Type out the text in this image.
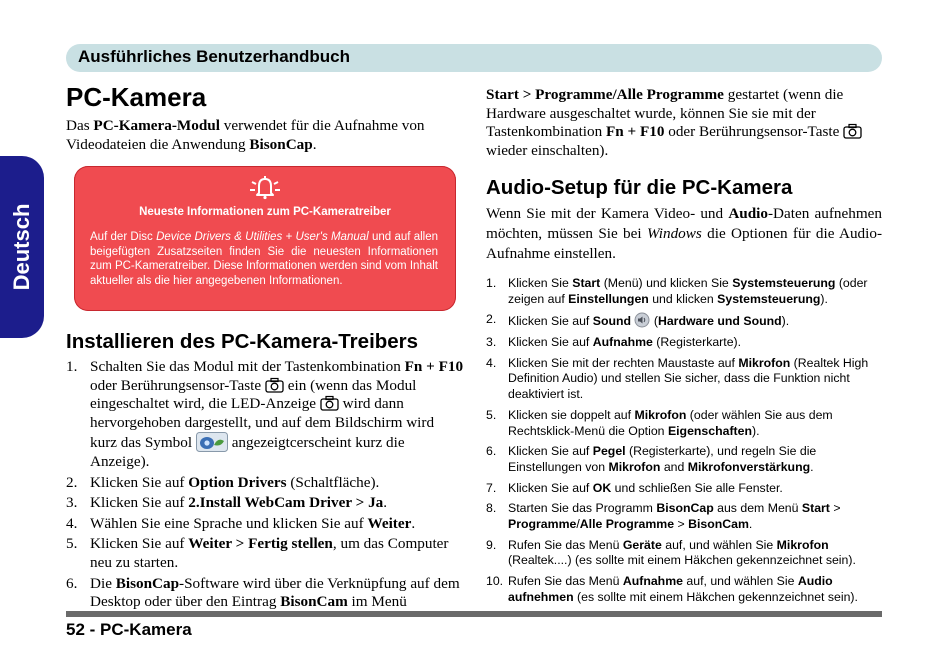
Ausführliches Benutzerhandbuch
Deutsch
PC-Kamera
Das PC-Kamera-Modul verwendet für die Aufnahme von Videodateien die Anwendung BisonCap.
Neueste Informationen zum PC-Kameratreiber
Auf der Disc Device Drivers & Utilities + User's Manual und auf allen beigefügten Zusatzseiten finden Sie die neuesten Informationen zum PC-Kameratreiber. Diese Informationen werden sind vom Inhalt aktueller als die hier angegebenen Informationen.
Installieren des PC-Kamera-Treibers
1. Schalten Sie das Modul mit der Tastenkombination Fn + F10 oder Berührungsensor-Taste  ein (wenn das Modul eingeschaltet wird, die LED-Anzeige  wird dann hervorgehoben dargestellt, und auf dem Bildschirm wird kurz das Symbol  angezeigtcerscheint kurz die Anzeige).
2. Klicken Sie auf Option Drivers (Schaltfläche).
3. Klicken Sie auf 2.Install WebCam Driver > Ja.
4. Wählen Sie eine Sprache und klicken Sie auf Weiter.
5. Klicken Sie auf Weiter > Fertig stellen, um das Computer neu zu starten.
6. Die BisonCap-Software wird über die Verknüpfung auf dem Desktop oder über den Eintrag BisonCam im Menü
Start > Programme/Alle Programme gestartet (wenn die Hardware ausgeschaltet wurde, können Sie sie mit der Tastenkombination Fn + F10 oder Berührungsensor-Taste  wieder einschalten).
Audio-Setup für die PC-Kamera
Wenn Sie mit der Kamera Video- und Audio-Daten aufnehmen möchten, müssen Sie bei Windows die Optionen für die Audio-Aufnahme einstellen.
1. Klicken Sie Start (Menü) und klicken Sie Systemsteuerung (oder zeigen auf Einstellungen und klicken Systemsteuerung).
2. Klicken Sie auf Sound  (Hardware und Sound).
3. Klicken Sie auf Aufnahme (Registerkarte).
4. Klicken Sie mit der rechten Maustaste auf Mikrofon (Realtek High Definition Audio) und stellen Sie sicher, dass die Funktion nicht deaktiviert ist.
5. Klicken sie doppelt auf Mikrofon (oder wählen Sie aus dem Rechtsklick-Menü die Option Eigenschaften).
6. Klicken Sie auf Pegel (Registerkarte), und regeln Sie die Einstellungen von Mikrofon and Mikrofonverstärkung.
7. Klicken Sie auf OK und schließen Sie alle Fenster.
8. Starten Sie das Programm BisonCap aus dem Menü Start > Programme/Alle Programme > BisonCam.
9. Rufen Sie das Menü Geräte auf, und wählen Sie Mikrofon (Realtek....) (es sollte mit einem Häkchen gekennzeichnet sein).
10. Rufen Sie das Menü Aufnahme auf, und wählen Sie Audio aufnehmen (es sollte mit einem Häkchen gekennzeichnet sein).
52 - PC-Kamera
